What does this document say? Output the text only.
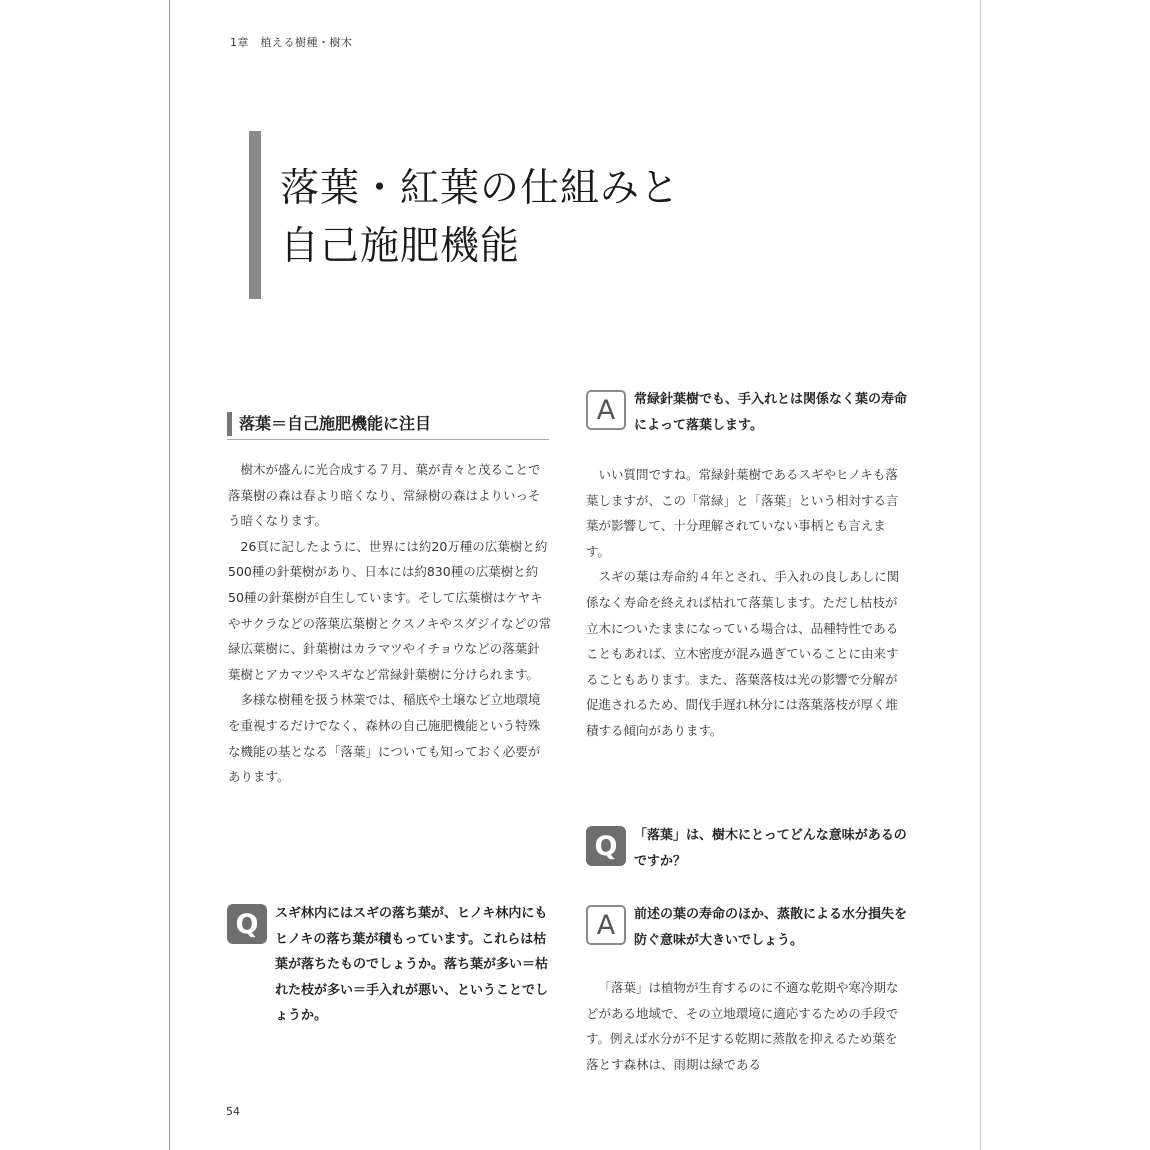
1章　植える樹種・樹木
落葉・紅葉の仕組みと
自己施肥機能
落葉＝自己施肥機能に注目

樹木が盛んに光合成する７月、葉が青々と茂ることで落葉樹の森は春より暗くなり、常緑樹の森はよりいっそう暗くなります。

26頁に記したように、世界には約20万種の広葉樹と約500種の針葉樹があり、日本には約830種の広葉樹と約50種の針葉樹が自生しています。そして広葉樹はケヤキやサクラなどの落葉広葉樹とクスノキやスダジイなどの常緑広葉樹に、針葉樹はカラマツやイチョウなどの落葉針葉樹とアカマツやスギなど常緑針葉樹に分けられます。

多様な樹種を扱う林業では、稲底や土壌など立地環境を重視するだけでなく、森林の自己施肥機能という特殊な機能の基となる「落葉」についても知っておく必要があります。

Q	スギ林内にはスギの落ち葉が、ヒノキ林内にもヒノキの落ち葉が積もっています。これらは枯葉が落ちたものでしょうか。落ち葉が多い＝枯れた枝が多い＝手入れが悪い、ということでしょうか。
A	常緑針葉樹でも、手入れとは関係なく葉の寿命によって落葉します。

いい質問ですね。常緑針葉樹であるスギやヒノキも落葉しますが、この「常緑」と「落葉」という相対する言葉が影響して、十分理解されていない事柄とも言えます。

スギの葉は寿命約４年とされ、手入れの良しあしに関係なく寿命を終えれば枯れて落葉します。ただし枯枝が立木についたままになっている場合は、品種特性であることもあれば、立木密度が混み過ぎていることに由来することもあります。また、落葉落枝は光の影響で分解が促進されるため、間伐手遅れ林分には落葉落枝が厚く堆積する傾向があります。

Q	「落葉」は、樹木にとってどんな意味があるのですか？
A	前述の葉の寿命のほか、蒸散による水分損失を防ぐ意味が大きいでしょう。

「落葉」は植物が生育するのに不適な乾期や寒冷期などがある地域で、その立地環境に適応するための手段です。例えば水分が不足する乾期に蒸散を抑えるため葉を落とす森林は、雨期は緑である

54
